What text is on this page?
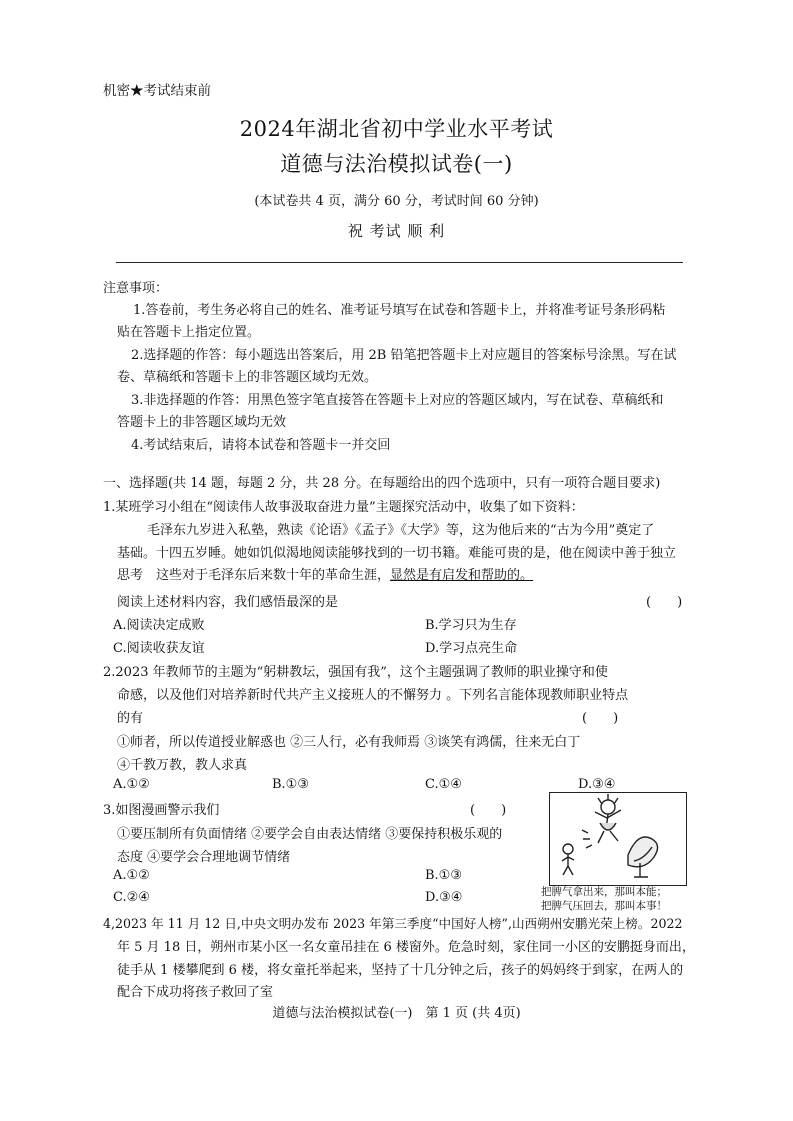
机密★考试结束前
2024年湖北省初中学业水平考试
道德与法治模拟试卷(一)
(本试卷共 4 页，满分 60 分，考试时间 60 分钟)
祝 考试 顺 利
注意事项：
1.答卷前，考生务必将自己的姓名、准考证号填写在试卷和答题卡上，并将准考证号条形码粘
贴在答题卡上指定位置。
2.选择题的作答：每小题选出答案后，用 2B 铅笔把答题卡上对应题目的答案标号涂黑。写在试
卷、草稿纸和答题卡上的非答题区域均无效。
3.非选择题的作答：用黑色签字笔直接答在答题卡上对应的答题区域内，写在试卷、草稿纸和
答题卡上的非答题区域均无效
4.考试结束后，请将本试卷和答题卡一并交回
一、选择题(共 14 题，每题 2 分，共 28 分。在每题给出的四个选项中，只有一项符合题目要求)
1.某班学习小组在“阅读伟人故事汲取奋进力量”主题探究活动中，收集了如下资料：
毛泽东九岁进入私塾，熟读《论语》《孟子》《大学》等，这为他后来的“古为今用”奠定了
基础。十四五岁睡。她如饥似渴地阅读能够找到的一切书籍。难能可贵的是，他在阅读中善于独立
思考　这些对于毛泽东后来数十年的革命生涯，显然是有启发和帮助的。
阅读上述材料内容，我们感悟最深的是	(　　)
A.阅读决定成败	B.学习只为生存
C.阅读收获友谊	D.学习点亮生命
2.2023 年教师节的主题为“躬耕教坛，强国有我”，这个主题强调了教师的职业操守和使
命感，以及他们对培养新时代共产主义接班人的不懈努力 。下列名言能体现教师职业特点
的有	(　　)
①师者，所以传道授业解惑也 ②三人行，必有我师焉 ③谈笑有鸿儒，往来无白丁
④千教万教，教人求真
A.①②	B.①③	C.①④	D.③④
3.如图漫画警示我们	(　　)
①要压制所有负面情绪 ②要学会自由表达情绪 ③要保持积极乐观的
态度 ④要学会合理地调节情绪
A.①②	B.①③
C.②④	D.③④	把脾气拿出来，那叫本能；
把脾气压回去，那叫本事！
4,2023 年 11 月 12 日,中央文明办发布 2023 年第三季度“中国好人榜”,山西朔州安鹏光荣上榜。2022
年 5 月 18 日，朔州市某小区一名女童吊挂在 6 楼窗外。危急时刻，家住同一小区的安鹏挺身而出，
徒手从 1 楼攀爬到 6 楼，将女童托举起来，坚持了十几分钟之后，孩子的妈妈终于到家，在两人的
配合下成功将孩子救回了室
道德与法治模拟试卷(一)　第 1 页 (共 4页)
